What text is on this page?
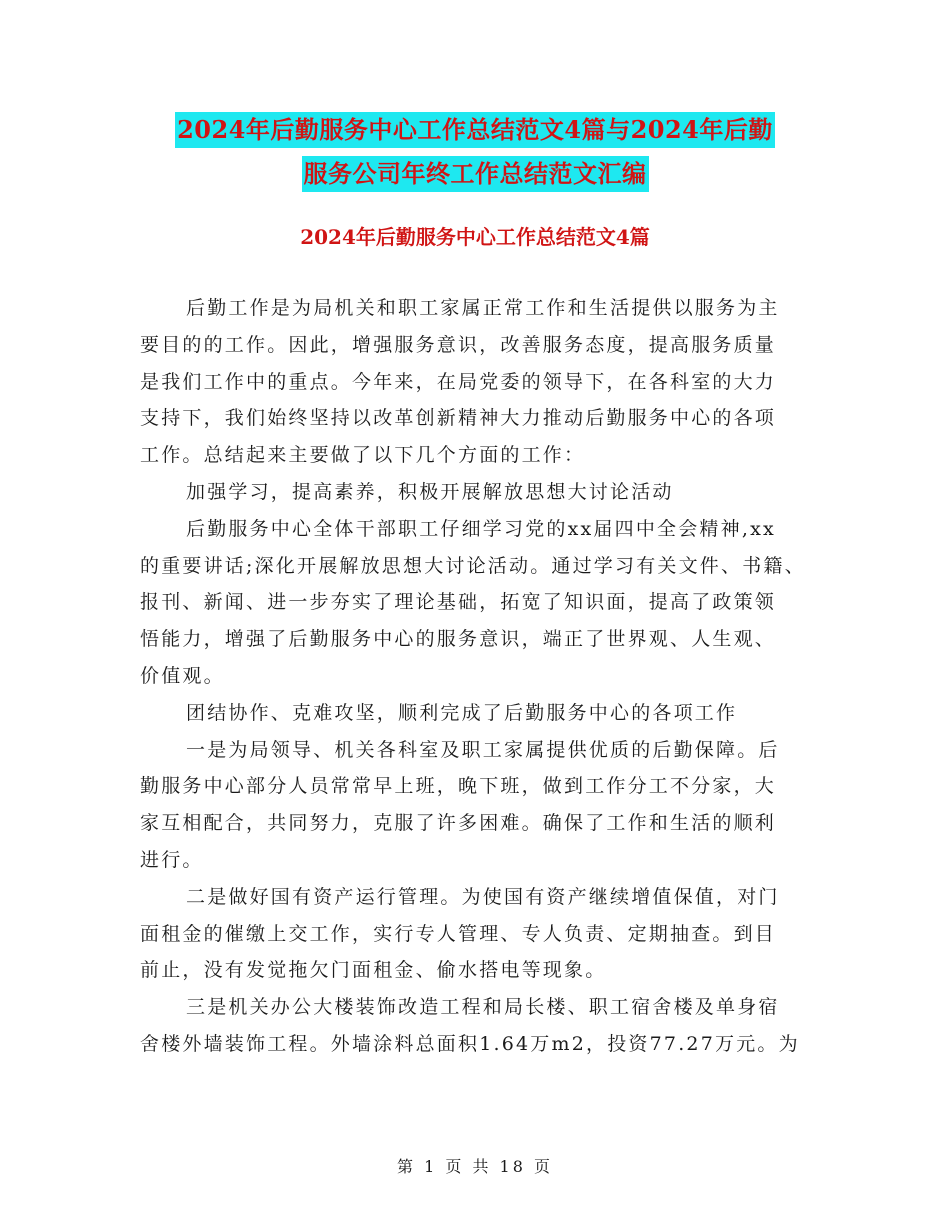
2024年后勤服务中心工作总结范文4篇与2024年后勤
服务公司年终工作总结范文汇编
2024年后勤服务中心工作总结范文4篇

后勤工作是为局机关和职工家属正常工作和生活提供以服务为主
要目的的工作。因此，增强服务意识，改善服务态度，提高服务质量
是我们工作中的重点。今年来，在局党委的领导下，在各科室的大力
支持下，我们始终坚持以改革创新精神大力推动后勤服务中心的各项
工作。总结起来主要做了以下几个方面的工作：

加强学习，提高素养，积极开展解放思想大讨论活动

后勤服务中心全体干部职工仔细学习党的xx届四中全会精神,xx
的重要讲话;深化开展解放思想大讨论活动。通过学习有关文件、书籍、
报刊、新闻、进一步夯实了理论基础，拓宽了知识面，提高了政策领
悟能力，增强了后勤服务中心的服务意识，端正了世界观、人生观、
价值观。

团结协作、克难攻坚，顺利完成了后勤服务中心的各项工作

一是为局领导、机关各科室及职工家属提供优质的后勤保障。后
勤服务中心部分人员常常早上班，晚下班，做到工作分工不分家，大
家互相配合，共同努力，克服了许多困难。确保了工作和生活的顺利
进行。

二是做好国有资产运行管理。为使国有资产继续增值保值，对门
面租金的催缴上交工作，实行专人管理、专人负责、定期抽查。到目
前止，没有发觉拖欠门面租金、偷水搭电等现象。

三是机关办公大楼装饰改造工程和局长楼、职工宿舍楼及单身宿
舍楼外墙装饰工程。外墙涂料总面积1.64万m2，投资77.27万元。为

第 1 页 共 18 页
